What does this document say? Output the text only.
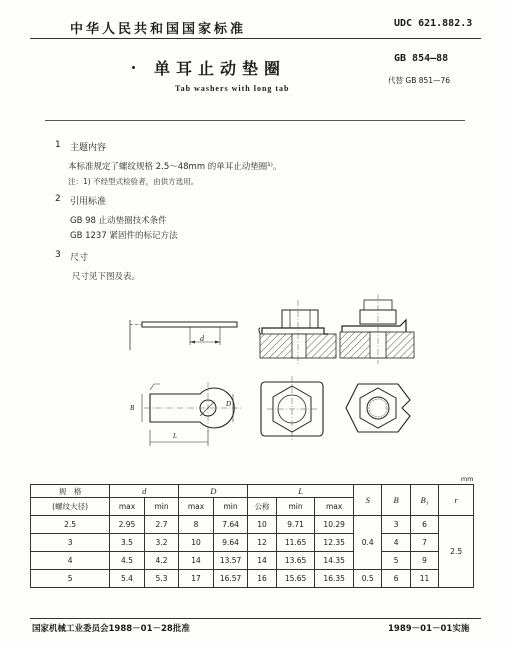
中华人民共和国国家标准	UDC 621.882.3
单耳止动垫圈
GB 854—88
代替 GB 851—76
Tab washers with long tab
1 主题内容
本标准规定了螺纹规格 2.5～48mm 的单耳止动垫圈¹⁾。
注：1) 不经型式检验者，由供方选用。
2 引用标准
GB 98 止动垫圈技术条件
GB 1237 紧固件的标记方法
3 尺寸
尺寸见下图及表。
d
B
L
D
mm											
规　格	d		D		L			S	B	B₁	r
(螺纹大径)	max	min	max	min	公称	min	max				
2.5	2.95	2.7	8	7.64	10	9.71	10.29	0.4	3	6	2.5
3	3.5	3.2	10	9.64	12	11.65	12.35		4	7	
4	4.5	4.2	14	13.57	14	13.65	14.35		5	9	
5	5.4	5.3	17	16.57	16	15.65	16.35	0.5	6	11	
国家机械工业委员会1988－01－28批准	1989－01－01实施
